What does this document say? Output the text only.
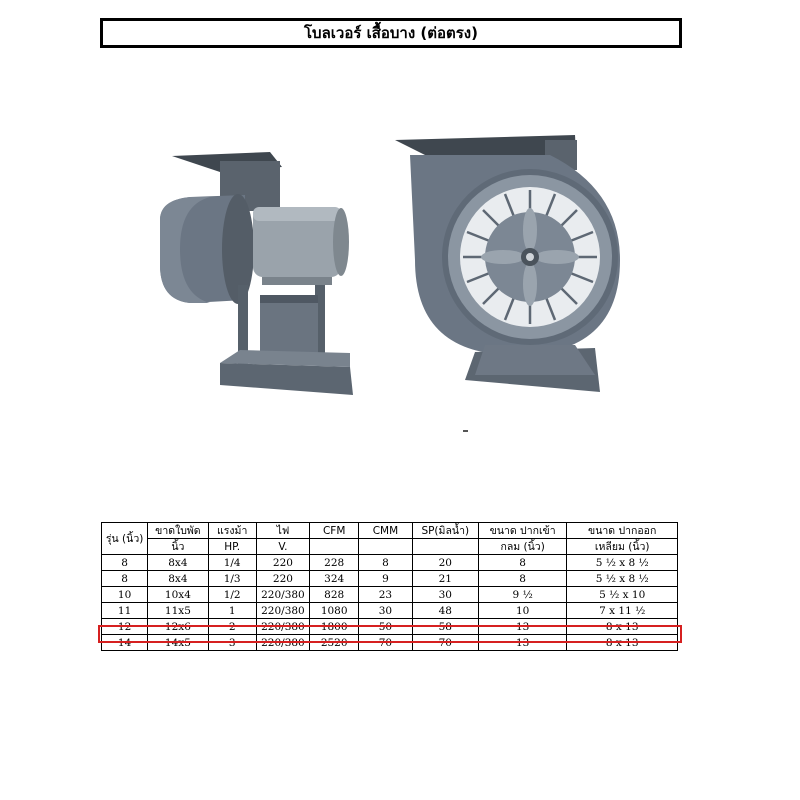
โบลเวอร์ เสื้อบาง (ต่อตรง)
รุ่น (นิ้ว)	ขาดใบพัด	แรงม้า	ไฟ	CFM	CMM	SP(มิลน้ำ)	ขนาด ปากเข้า	ขนาด ปากออก
	นิ้ว	HP.	V.				กลม (นิ้ว)	เหลียม (นิ้ว)
8	8x4	1/4	220	228	8	20	8	5 ½ x 8 ½
8	8x4	1/3	220	324	9	21	8	5 ½ x 8 ½
10	10x4	1/2	220/380	828	23	30	9 ½	5 ½ x 10
11	11x5	1	220/380	1080	30	48	10	7 x 11 ½
12	12x6	2	220/380	1800	50	58	13	8 x 13
14	14x5	3	220/380	2520	70	70	13	8 x 13
